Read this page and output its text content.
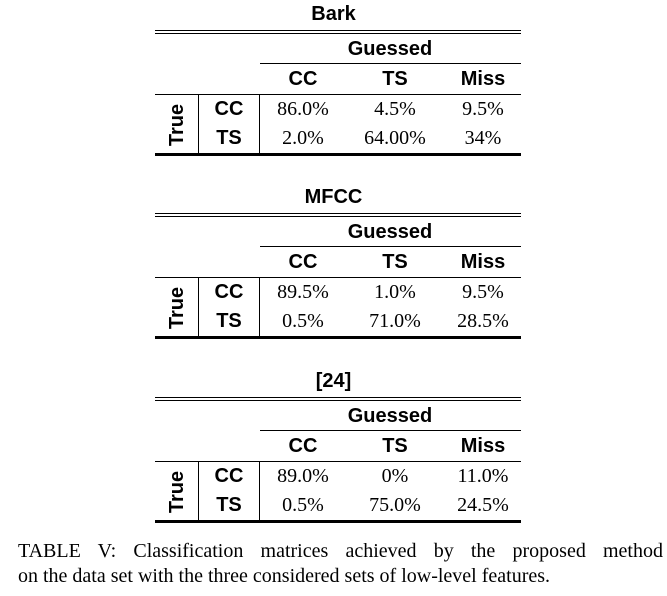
Bark
Guessed
CC	TS	Miss
True	CC	86.0%	4.5%	9.5%
TS	2.0%	64.00%	34%
MFCC
Guessed
CC	TS	Miss
True	CC	89.5%	1.0%	9.5%
TS	0.5%	71.0%	28.5%
[24]
Guessed
CC	TS	Miss
True	CC	89.0%	0%	11.0%
TS	0.5%	75.0%	24.5%
TABLE V: Classification matrices achieved by the proposed method
on the data set with the three considered sets of low-level features.
